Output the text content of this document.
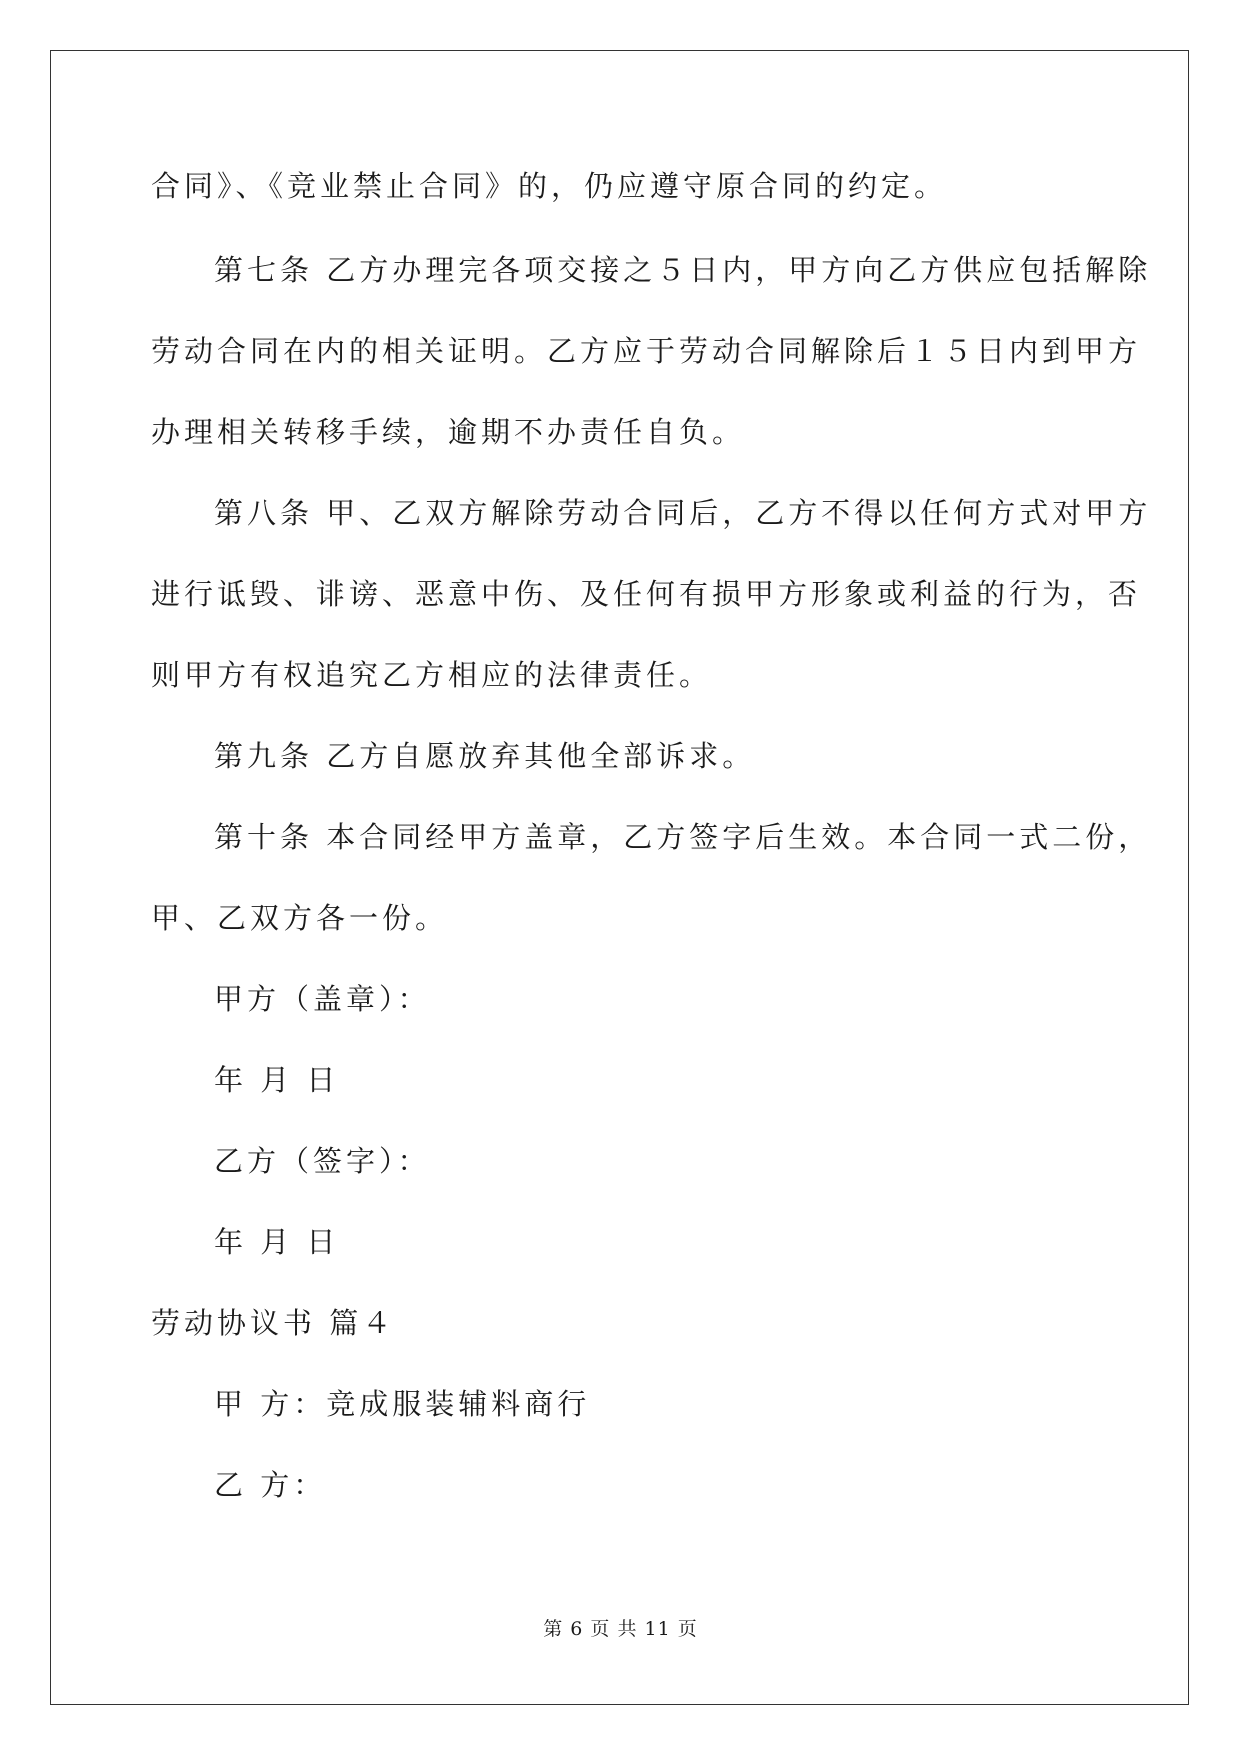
合同》、《竞业禁止合同》的，仍应遵守原合同的约定。
第七条 乙方办理完各项交接之５日内，甲方向乙方供应包括解除
劳动合同在内的相关证明。乙方应于劳动合同解除后１５日内到甲方
办理相关转移手续，逾期不办责任自负。
第八条 甲、乙双方解除劳动合同后，乙方不得以任何方式对甲方
进行诋毁、诽谤、恶意中伤、及任何有损甲方形象或利益的行为，否
则甲方有权追究乙方相应的法律责任。
第九条 乙方自愿放弃其他全部诉求。
第十条 本合同经甲方盖章，乙方签字后生效。本合同一式二份，
甲、乙双方各一份。
甲方（盖章）：
年 月 日
乙方（签字）：
年 月 日
劳动协议书 篇４
甲 方：竞成服装辅料商行
乙 方：
第 6 页 共 11 页
